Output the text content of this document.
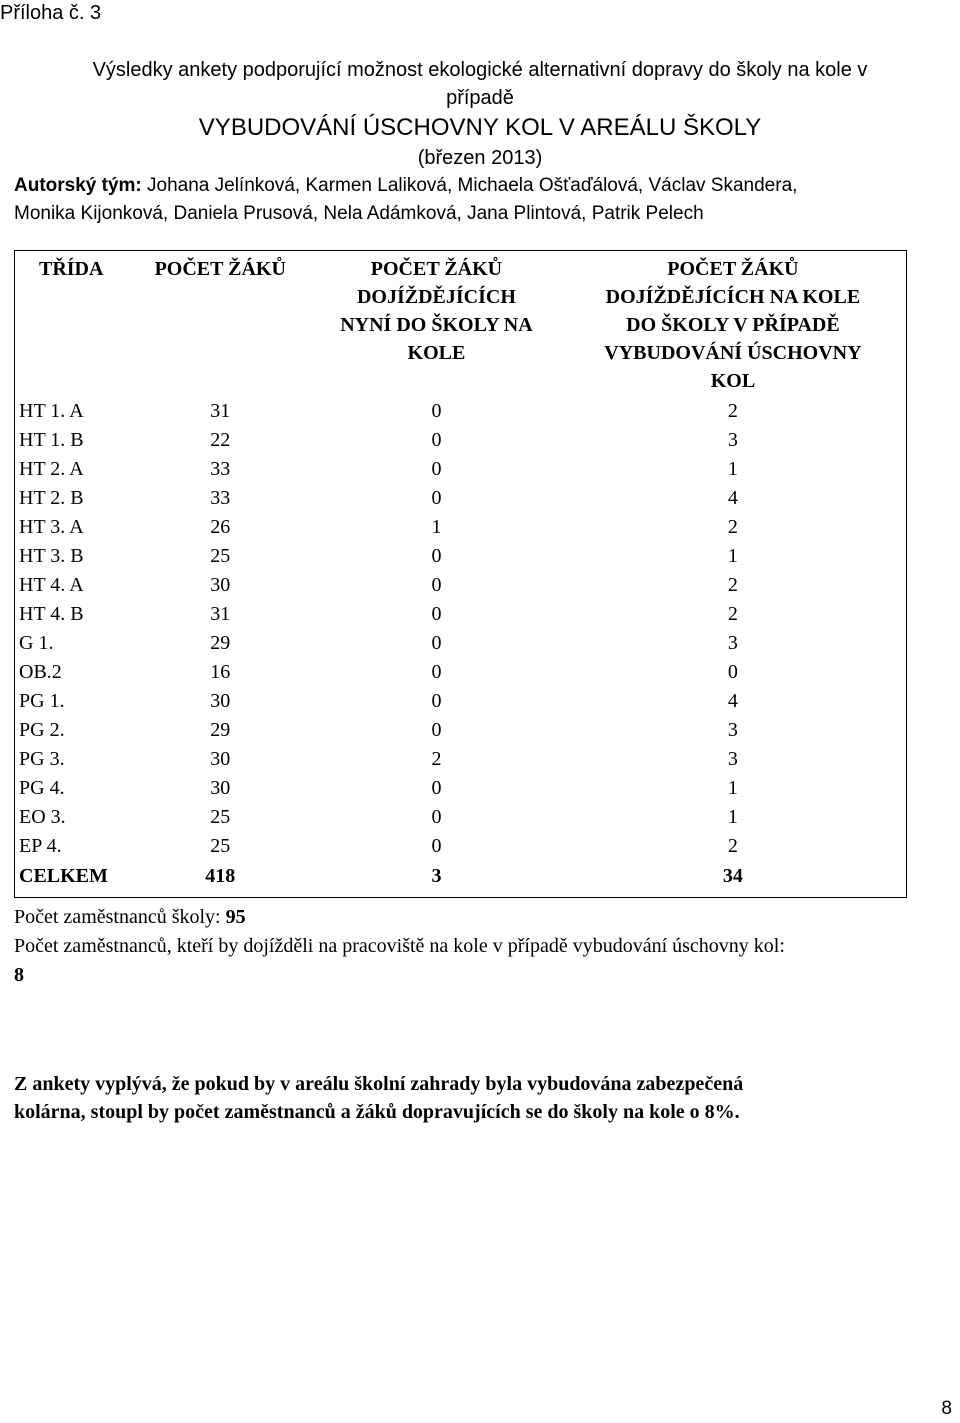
Příloha č. 3
Výsledky ankety podporující možnost ekologické alternativní dopravy do školy na kole v
případě
VYBUDOVÁNÍ ÚSCHOVNY KOL V AREÁLU ŠKOLY
(březen 2013)
Autorský tým: Johana Jelínková, Karmen Laliková, Michaela Ošťaďálová, Václav Skandera,
Monika Kijonková, Daniela Prusová, Nela Adámková, Jana Plintová, Patrik Pelech
TŘÍDA	POČET ŽÁKŮ	POČET ŽÁKŮ DOJÍŽDĚJÍCÍCH NYNÍ DO ŠKOLY NA KOLE	POČET ŽÁKŮ DOJÍŽDĚJÍCÍCH NA KOLE DO ŠKOLY V PŘÍPADĚ VYBUDOVÁNÍ ÚSCHOVNY KOL
HT 1. A	31	0	2
HT 1. B	22	0	3
HT 2. A	33	0	1
HT 2. B	33	0	4
HT 3. A	26	1	2
HT 3. B	25	0	1
HT 4. A	30	0	2
HT 4. B	31	0	2
G 1.	29	0	3
OB.2	16	0	0
PG 1.	30	0	4
PG 2.	29	0	3
PG 3.	30	2	3
PG 4.	30	0	1
EO 3.	25	0	1
EP 4.	25	0	2
CELKEM	418	3	34
Počet zaměstnanců školy: 95
Počet zaměstnanců, kteří by dojížděli na pracoviště na kole v případě vybudování úschovny kol:
8
Z ankety vyplývá, že pokud by v areálu školní zahrady byla vybudována zabezpečená
kolárna, stoupl by počet zaměstnanců a žáků dopravujících se do školy na kole o 8%.
8
